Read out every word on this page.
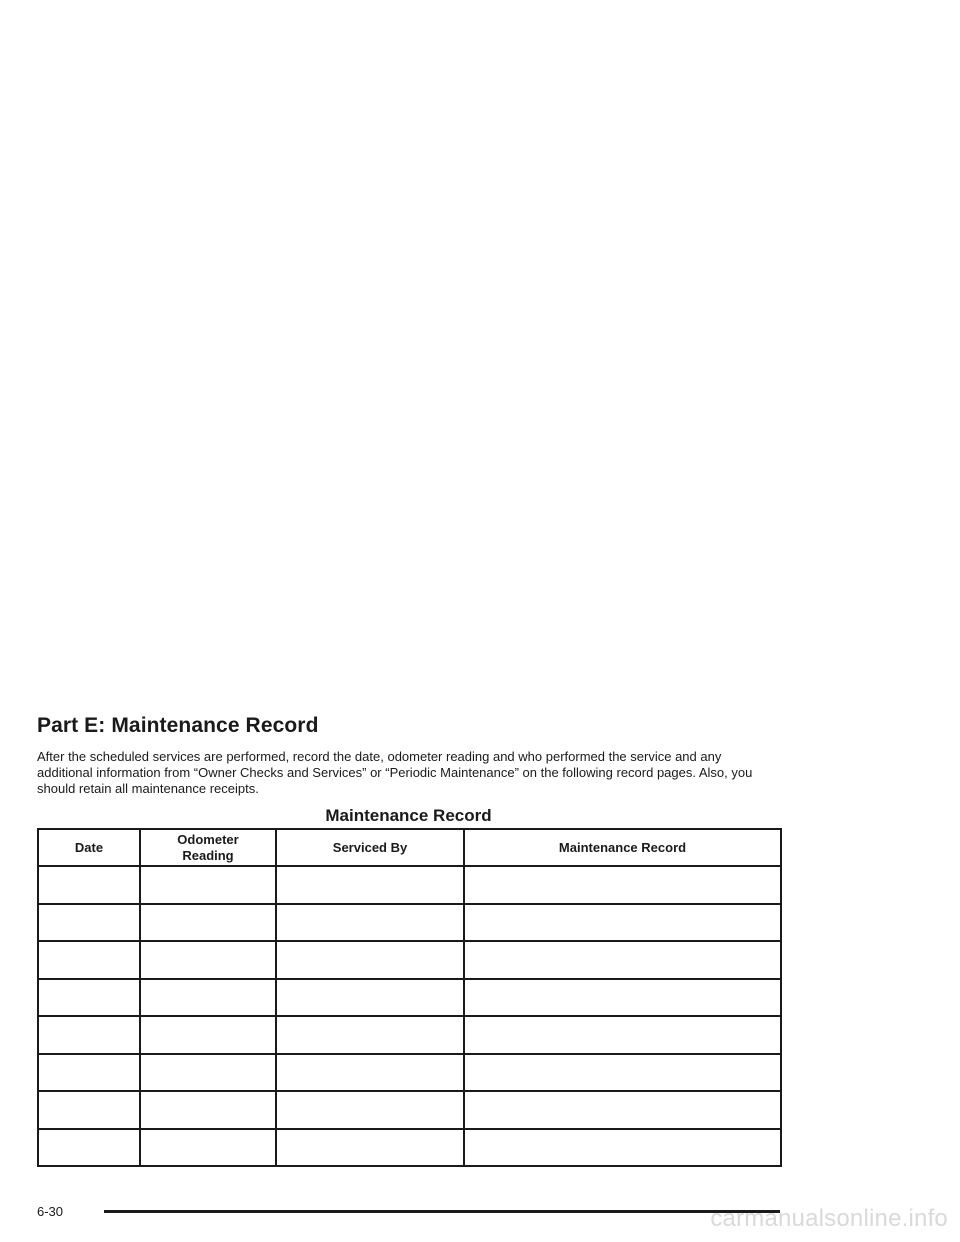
Part E: Maintenance Record

After the scheduled services are performed, record the date, odometer reading and who performed the service and any additional information from “Owner Checks and Services” or “Periodic Maintenance” on the following record pages. Also, you should retain all maintenance receipts.

Maintenance Record
Date	Odometer Reading	Serviced By	Maintenance Record

6-30	carmanualsonline.info
